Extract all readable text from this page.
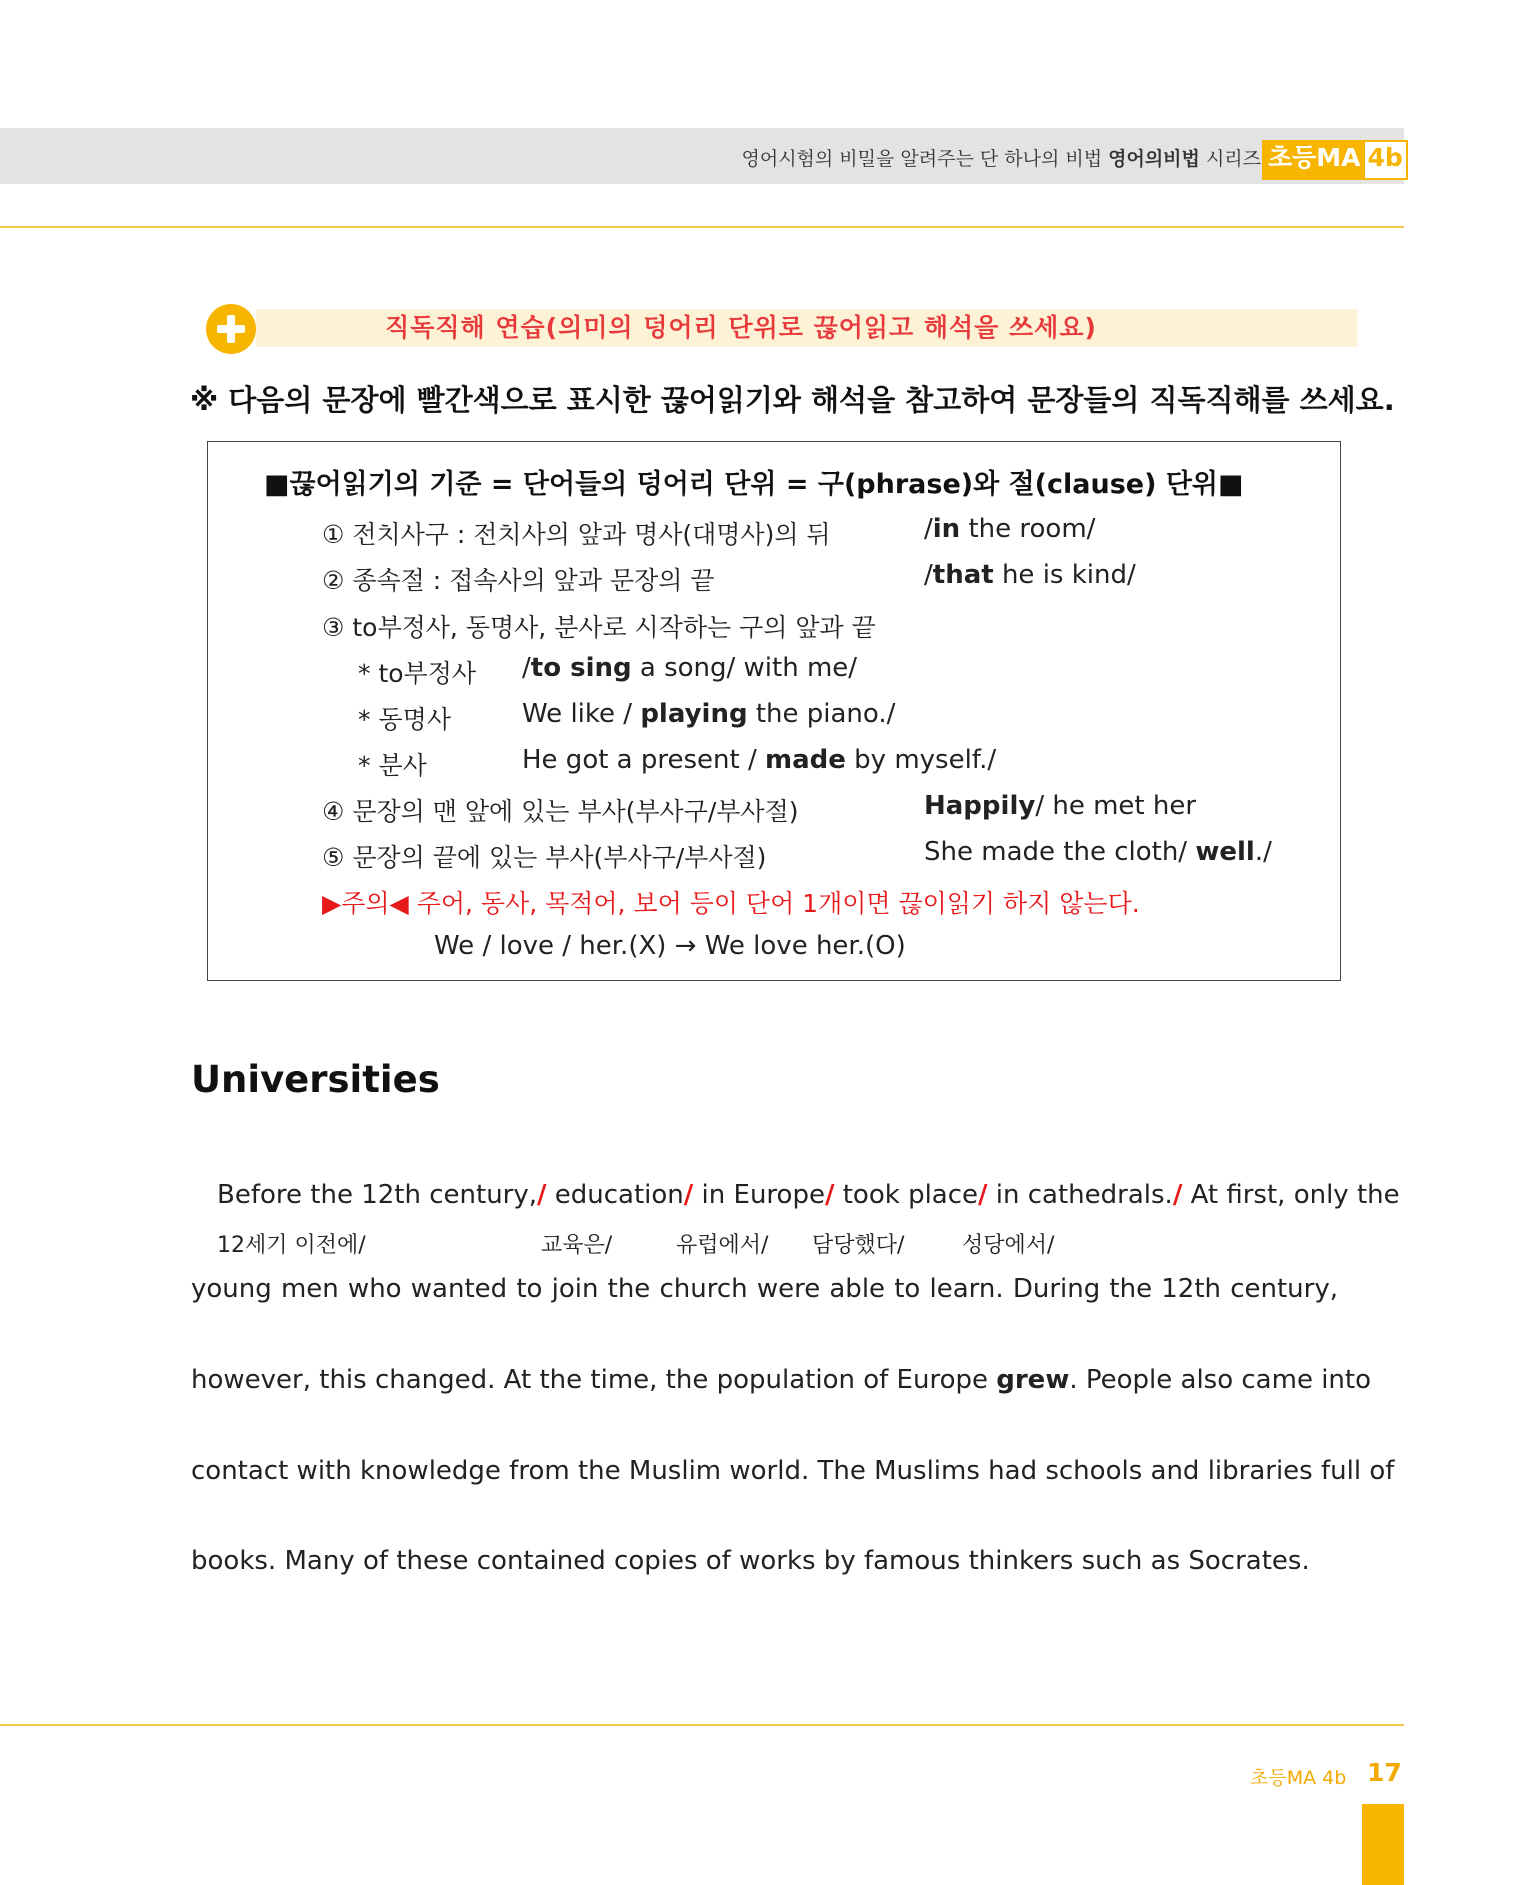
영어시험의 비밀을 알려주는 단 하나의 비법 영어의비법 시리즈 초등MA 4b
직독직해 연습(의미의 덩어리 단위로 끊어읽고 해석을 쓰세요)
※ 다음의 문장에 빨간색으로 표시한 끊어읽기와 해석을 참고하여 문장들의 직독직해를 쓰세요.
■끊어읽기의 기준 = 단어들의 덩어리 단위 = 구(phrase)와 절(clause) 단위■
① 전치사구 : 전치사의 앞과 명사(대명사)의 뒤	/in the room/
② 종속절 : 접속사의 앞과 문장의 끝	/that he is kind/
③ to부정사, 동명사, 분사로 시작하는 구의 앞과 끝
* to부정사 /to sing a song/ with me/
* 동명사	We like / playing the piano./
* 분사	He got a present / made by myself./
④ 문장의 맨 앞에 있는 부사(부사구/부사절)	Happily/ he met her
⑤ 문장의 끝에 있는 부사(부사구/부사절)	She made the cloth/ well./
▶주의◀ 주어, 동사, 목적어, 보어 등이 단어 1개이면 끊이읽기 하지 않는다.
We / love / her.(X) → We love her.(O)
Universities
Before the 12th century,/ education/ in Europe/ took place/ in cathedrals./ At first, only the
12세기 이전에/	교육은/	유럽에서/ 담당했다/	성당에서/
young men who wanted to join the church were able to learn. During the 12th century,
however, this changed. At the time, the population of Europe grew. People also came into
contact with knowledge from the Muslim world. The Muslims had schools and libraries full of
books. Many of these contained copies of works by famous thinkers such as Socrates.
초등MA 4b 17
